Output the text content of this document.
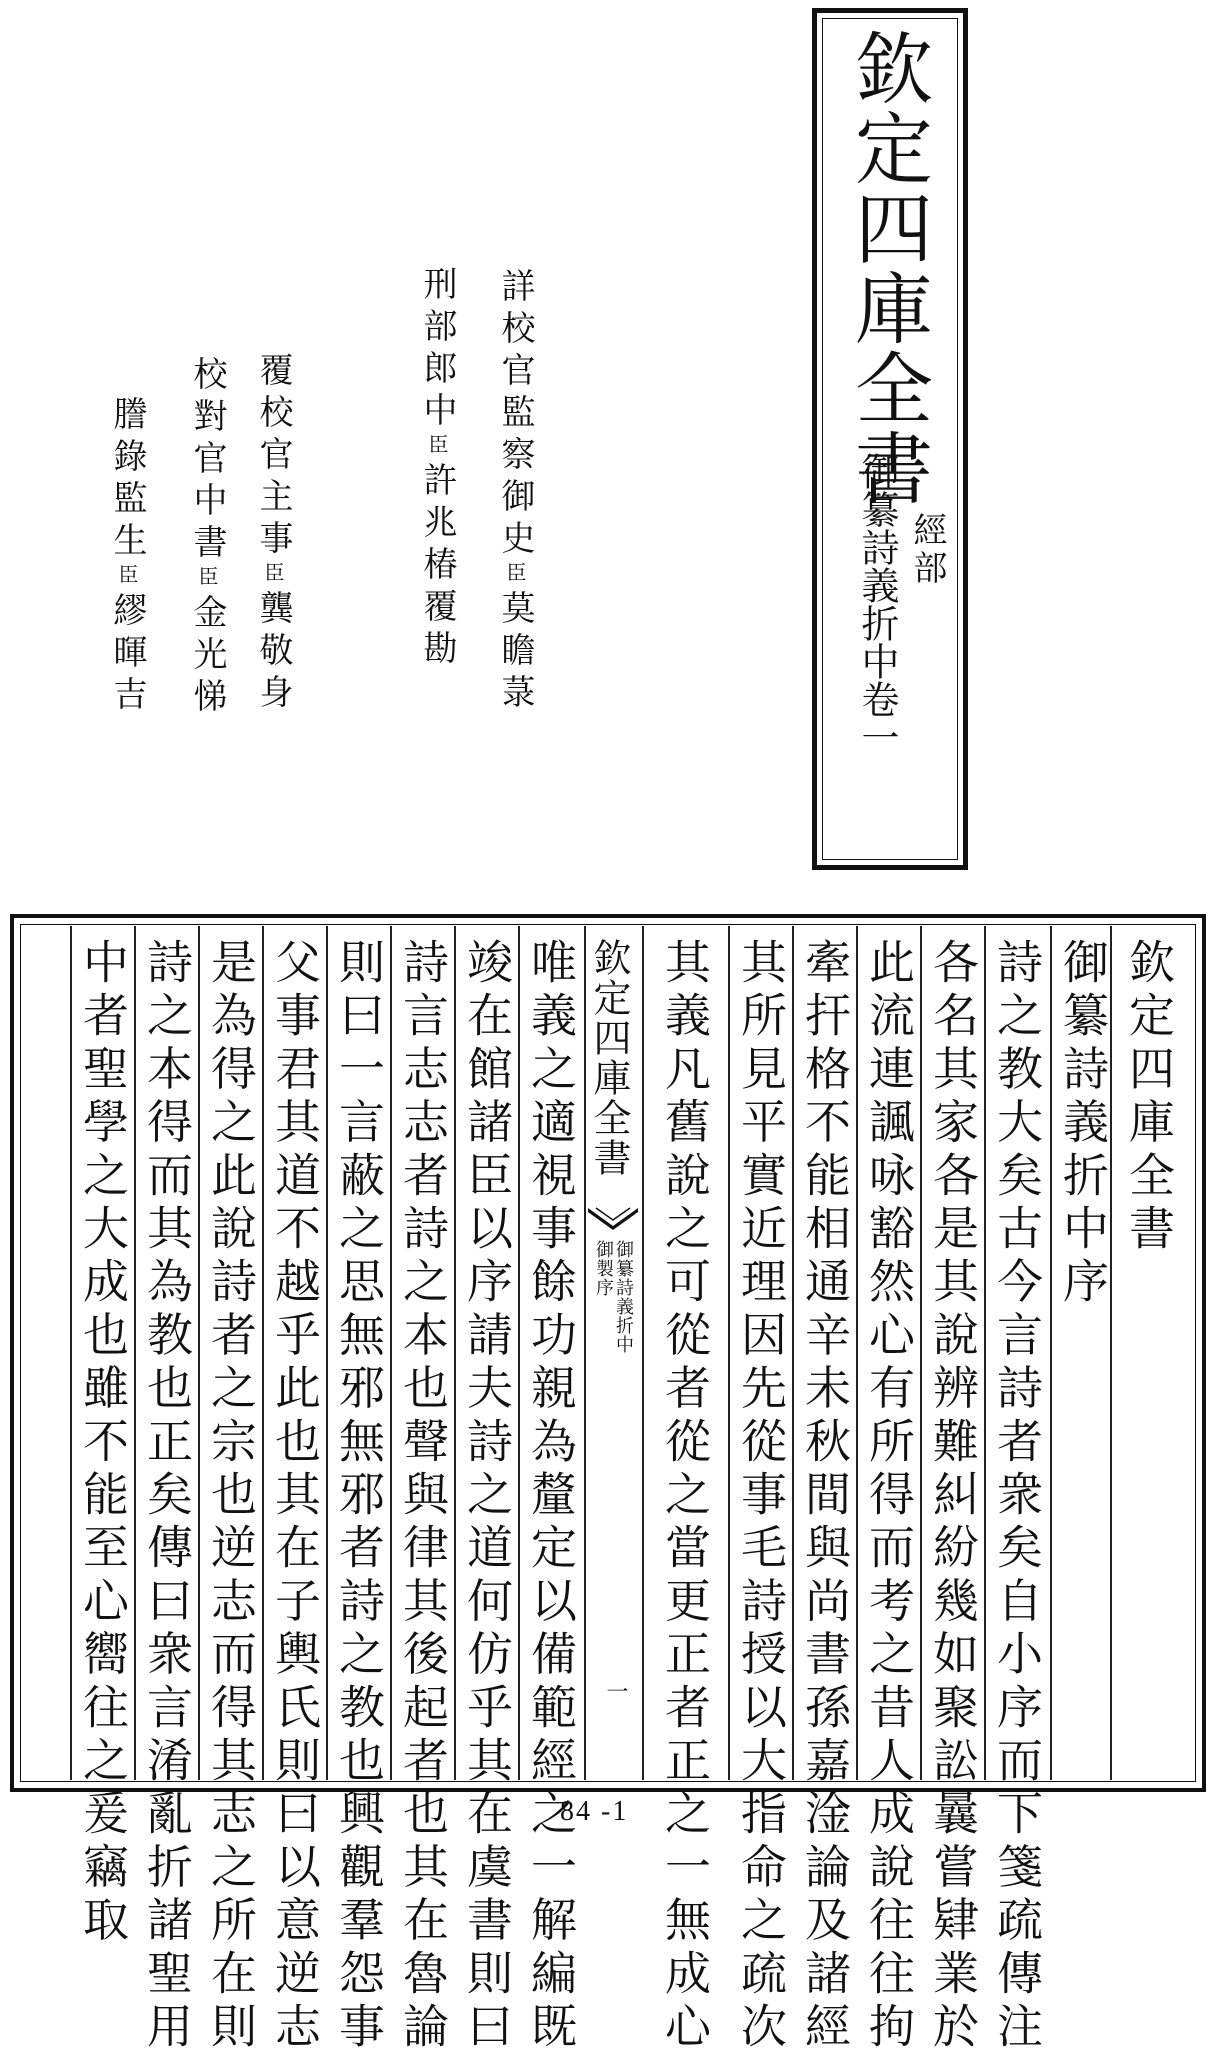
欽定四庫全書
御纂詩義折中卷一 經部
詳校官監察御史臣莫瞻菉
刑部郎中臣許兆椿覆勘
覆校官主事臣龔敬身
校對官中書臣金光悌
謄錄監生臣繆暉吉
欽定四庫全書
御纂詩義折中序
詩之教大矣古今言詩者衆矣自小序而下箋疏傳注
各名其家各是其說辨難糾紛幾如聚訟曩嘗肄業於
此流連諷咏豁然心有所得而考之昔人成說往往拘
牽扞格不能相通辛未秋間與尚書孫嘉淦論及諸經
其所見平實近理因先從事毛詩授以大指命之疏次
其義凡舊說之可從者從之當更正者正之一無成心
欽定四庫全書
御纂詩義折中
御製序
一
唯義之適視事餘功親為釐定以備範經之一解編既
竣在館諸臣以序請夫詩之道何仿乎其在虞書則曰
詩言志志者詩之本也聲與律其後起者也其在魯論
則曰一言蔽之思無邪無邪者詩之教也興觀羣怨事
父事君其道不越乎此也其在子輿氏則曰以意逆志
是為得之此說詩者之宗也逆志而得其志之所在則
詩之本得而其為教也正矣傳曰衆言淆亂折諸聖用
中者聖學之大成也雖不能至心嚮往之爰竊取	84 -1
